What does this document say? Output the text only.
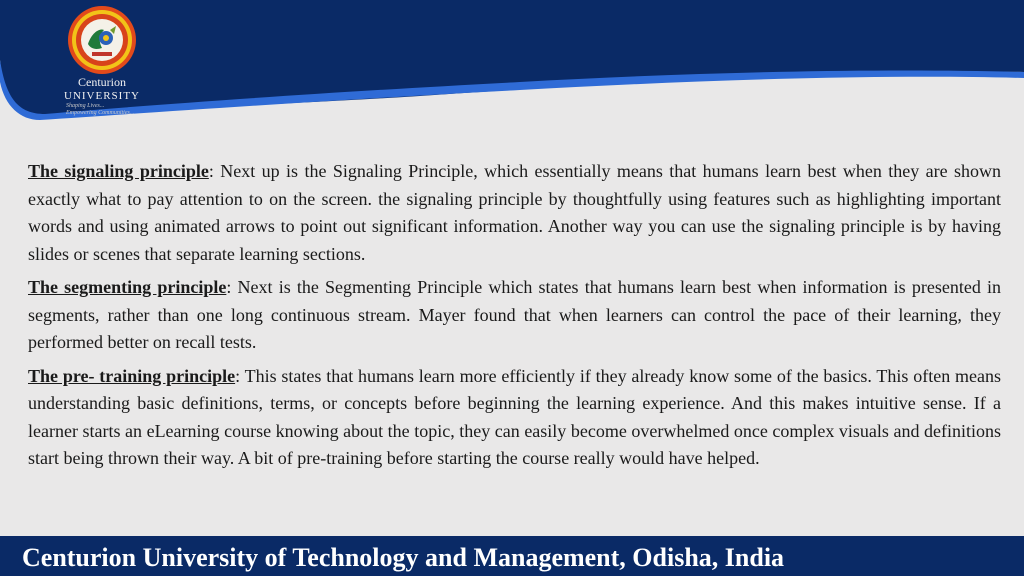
Centurion
UNIVERSITY
Shaping Lives...
Empowering Communities...

The signaling principle: Next up is the Signaling Principle, which essentially means that humans learn best when they are shown exactly what to pay attention to on the screen. the signaling principle by thoughtfully using features such as highlighting important words and using animated arrows to point out significant information. Another way you can use the signaling principle is by having slides or scenes that separate learning sections.

The segmenting principle: Next is the Segmenting Principle which states that humans learn best when information is presented in segments, rather than one long continuous stream. Mayer found that when learners can control the pace of their learning, they performed better on recall tests.

The pre- training principle: This states that humans learn more efficiently if they already know some of the basics. This often means understanding basic definitions, terms, or concepts before beginning the learning experience. And this makes intuitive sense. If a learner starts an eLearning course knowing about the topic, they can easily become overwhelmed once complex visuals and definitions start being thrown their way. A bit of pre-training before starting the course really would have helped.

Centurion University of Technology and Management, Odisha, India
